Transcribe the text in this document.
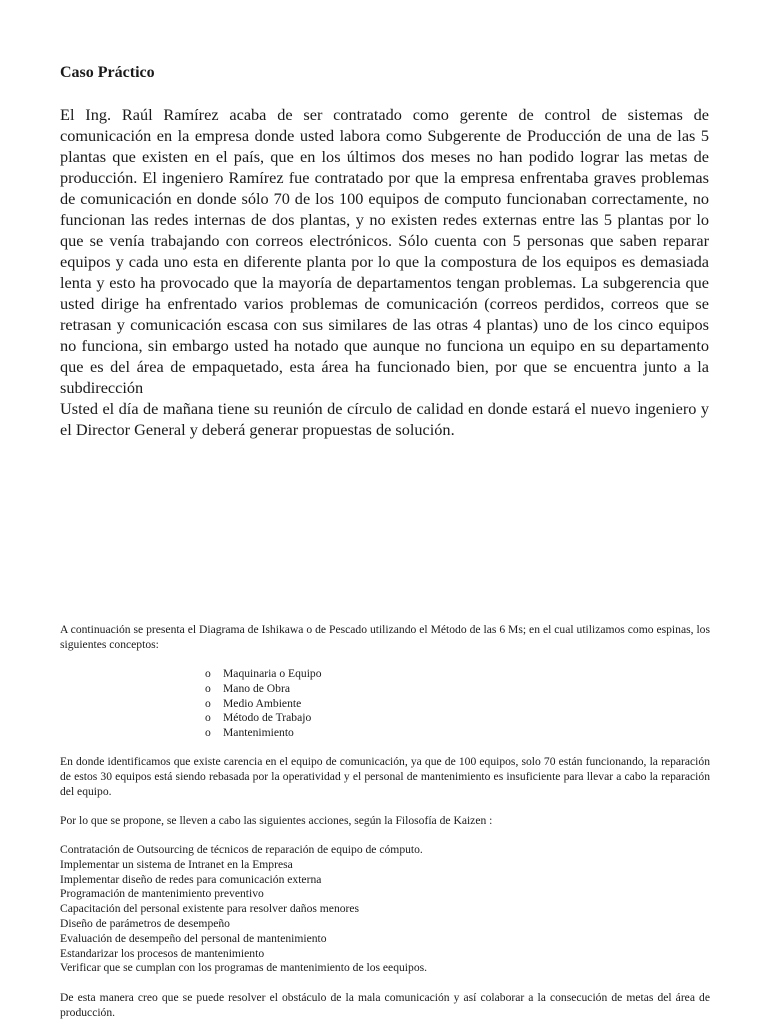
Caso Práctico

El Ing. Raúl Ramírez acaba de ser contratado como gerente de control de sistemas de comunicación en la empresa donde usted labora como Subgerente de Producción de una de las 5 plantas que existen en el país, que en los últimos dos meses no han podido lograr las metas de producción. El ingeniero Ramírez fue contratado por que la empresa enfrentaba graves problemas de comunicación en donde sólo 70 de los 100 equipos de computo funcionaban correctamente, no funcionan las redes internas de dos plantas, y no existen redes externas entre las 5 plantas por lo que se venía trabajando con correos electrónicos. Sólo cuenta con 5 personas que saben reparar equipos y cada uno esta en diferente planta por lo que la compostura de los equipos es demasiada lenta y esto ha provocado que la mayoría de departamentos tengan problemas. La subgerencia que usted dirige ha enfrentado varios problemas de comunicación (correos perdidos, correos que se retrasan y comunicación escasa con sus similares de las otras 4 plantas) uno de los cinco equipos no funciona, sin embargo usted ha notado que aunque no funciona un equipo en su departamento que es del área de empaquetado, esta área ha funcionado bien, por que se encuentra junto a la subdirección

Usted el día de mañana tiene su reunión de círculo de calidad en donde estará el nuevo ingeniero y el Director General y deberá generar propuestas de solución.

A continuación se presenta el Diagrama de Ishikawa o de Pescado utilizando el Método de las 6 Ms; en el cual utilizamos como espinas, los siguientes conceptos:

o Maquinaria o Equipo
o Mano de Obra
o Medio Ambiente
o Método de Trabajo
o Mantenimiento

En donde identificamos que existe carencia en el equipo de comunicación, ya que de 100 equipos, solo 70 están funcionando, la reparación de estos 30 equipos está siendo rebasada por la operatividad y el personal de mantenimiento es insuficiente para llevar a cabo la reparación del equipo.

Por lo que se propone, se lleven a cabo las siguientes acciones, según la Filosofía de Kaizen :

Contratación de Outsourcing de técnicos de reparación de equipo de cómputo.
Implementar un sistema de Intranet en la Empresa
Implementar diseño de redes para comunicación externa
Programación de mantenimiento preventivo
Capacitación del personal existente para resolver daños menores
Diseño de parámetros de desempeño
Evaluación de desempeño del personal de mantenimiento
Estandarizar los procesos de mantenimiento
Verificar que se cumplan con los programas de mantenimiento de los eequipos.

De esta manera creo que se puede resolver el obstáculo de la mala comunicación y así colaborar a la consecución de metas del área de producción.
